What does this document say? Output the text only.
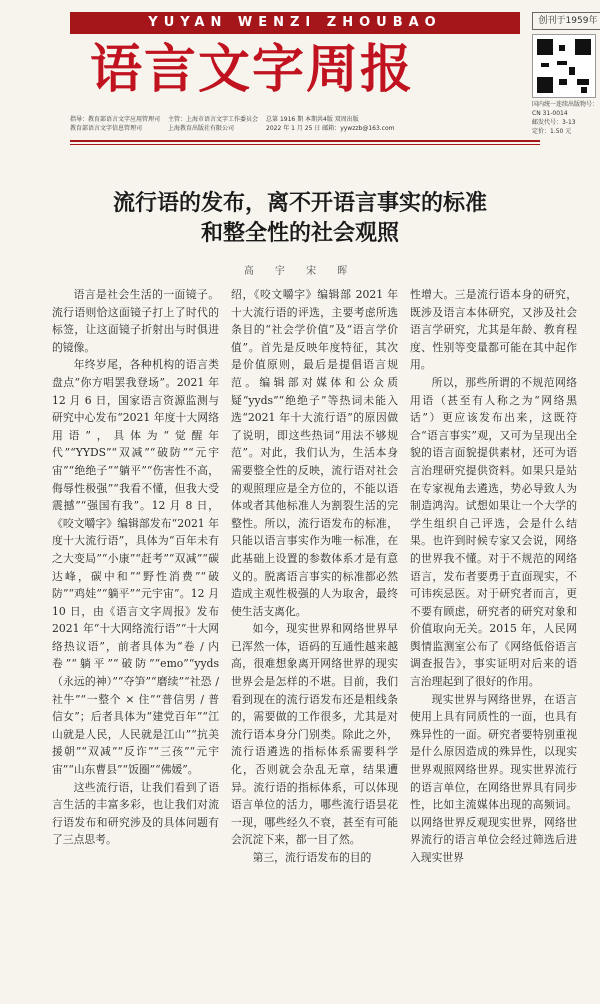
YUYAN WENZI ZHOUBAO
语言文字周报
创刊于1959年
国内统一连续出版物号：
CN 31-0014
邮发代号：3-13
定价：1.50 元
指导：教育部语言文字应用管理司
教育部语言文字信息管理司
主管：上海市语言文字工作委员会
上海教育出版社有限公司
总第 1916 期 本期共4版 双周出版
2022 年 1 月 25 日 邮箱：yywzzb@163.com
流行语的发布，离不开语言事实的标准
和整全性的社会观照
高 宇 宋 晖

语言是社会生活的一面镜子。流行语则恰这面镜子打上了时代的标签，让这面镜子折射出与时俱进的镜像。

年终岁尾，各种机构的语言类盘点“你方唱罢我登场”。2021 年 12 月 6 日，国家语言资源监测与研究中心发布“2021 年度十大网络用语”，具体为“觉醒年代”“YYDS”“双减”“破防”“元宇宙”“绝绝子”“躺平”“伤害性不高，侮辱性极强”“我看不懂，但我大受震撼”“强国有我”。12 月 8 日，《咬文嚼字》编辑部发布“2021 年度十大流行语”，具体为“百年未有之大变局”“小康”“赶考”“双减”“碳达峰，碳中和”“野性消费”“破防”“鸡娃”“躺平”“元宇宙”。12 月 10 日，由《语言文字周报》发布 2021 年“十大网络流行语”“十大网络热议语”，前者具体为“卷 / 内卷”“躺平”“破防”“emo”“yyds（永远的神）”“夺笋”“磨续”“社恐 / 社牛”“一整个 × 住”“普信男 / 普信女”；后者具体为“建党百年”“江山就是人民，人民就是江山”“抗美援朝”“双减”“反诈”“三孩”“元宇宙”“山东曹县”“饭圈”“佛媛”。

这些流行语，让我们看到了语言生活的丰富多彩，也让我们对流行语发布和研究涉及的具体问题有了三点思考。

绍，《咬文嚼字》编辑部 2021 年十大流行语的评选，主要考虑所选条目的“社会学价值”及“语言学价值”。首先是反映年度特征，其次是价值原则，最后是提倡语言规范。编辑部对媒体和公众质疑“yyds”“绝绝子”等热词未能入选“2021 年十大流行语”的原因做了说明，即这些热词“用法不够规范”。对此，我们认为，生活本身需要整全性的反映，流行语对社会的观照理应是全方位的，不能以语体或者其他标准人为割裂生活的完整性。所以，流行语发布的标准，只能以语言事实作为唯一标准，在此基础上设置的参数体系才是有意义的。脱离语言事实的标准都必然造成主观性极强的人为取舍，最终使生活支离化。

如今，现实世界和网络世界早已浑然一体，语码的互通性越来越高，很难想象离开网络世界的现实世界会是怎样的不堪。目前，我们看到现在的流行语发布还是粗线条的，需要做的工作很多，尤其是对流行语本身分门别类。除此之外，流行语遴选的指标体系需要科学化，否则就会杂乱无章，结果遭异。流行语的指标体系，可以体现语言单位的活力，哪些流行语昙花一现，哪些经久不衰，甚至有可能会沉淀下来，都一目了然。

第三，流行语发布的目的

性增大。三是流行语本身的研究，既涉及语言本体研究，又涉及社会语言学研究，尤其是年龄、教育程度、性别等变量都可能在其中起作用。

所以，那些所谓的不规范网络用语（甚至有人称之为“网络黑话”）更应该发布出来，这既符合“语言事实”观，又可为呈现出全貌的语言面貌提供素材，还可为语言治理研究提供资料。如果只是站在专家视角去遴选，势必导致人为制造鸿沟。试想如果让一个大学的学生组织自己评选，会是什么结果。也许到时候专家又会说，网络的世界我不懂。对于不规范的网络语言，发布者要勇于直面现实，不可讳疾忌医。对于研究者而言，更不要有顾虑，研究者的研究对象和价值取向无关。2015 年，人民网舆情监测室公布了《网络低俗语言调查报告》，事实证明对后来的语言治理起到了很好的作用。

现实世界与网络世界，在语言使用上具有同质性的一面，也具有殊异性的一面。研究者要特别重视是什么原因造成的殊异性，以现实世界观照网络世界。现实世界流行的语言单位，在网络世界具有同步性，比如主流媒体出现的高频词。以网络世界反观现实世界，网络世界流行的语言单位会经过筛选后进入现实世界
